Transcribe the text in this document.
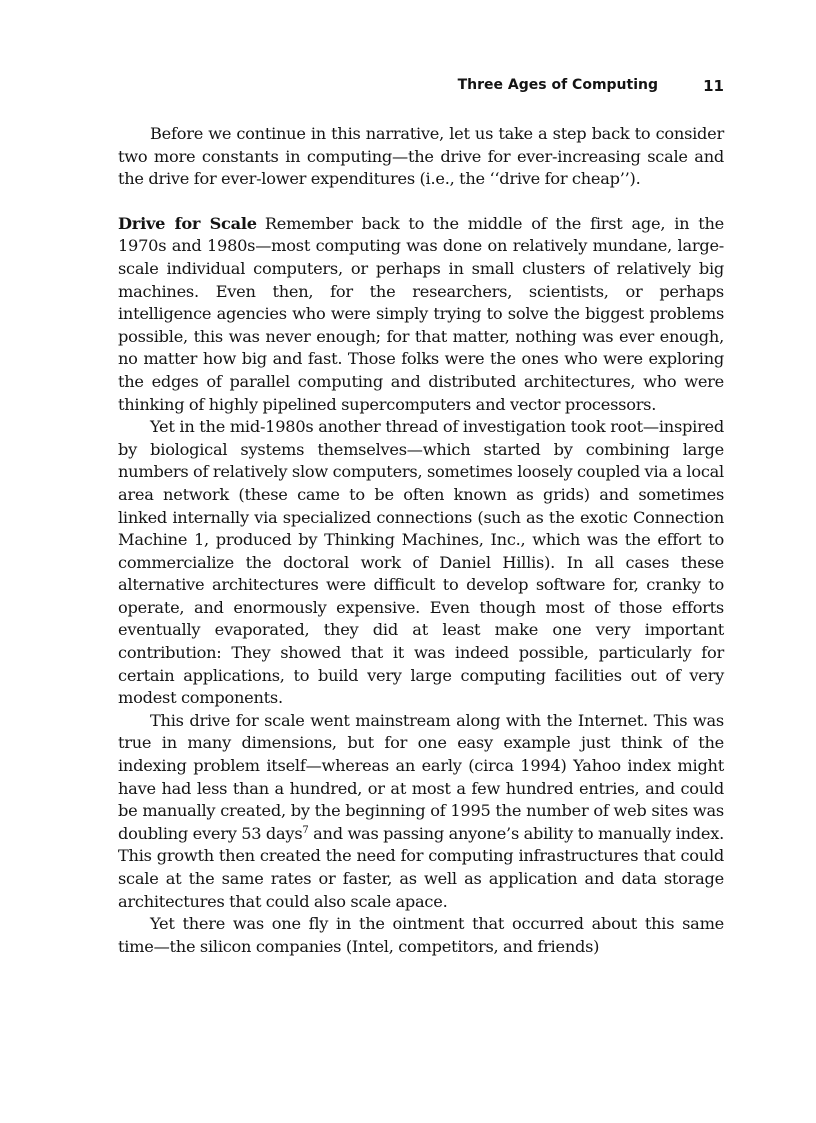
Three Ages of Computing	11

Before we continue in this narrative, let us take a step back to consider two more constants in computing—the drive for ever-increasing scale and the drive for ever-lower expenditures (i.e., the ‘‘drive for cheap’’).

Drive for Scale Remember back to the middle of the first age, in the 1970s and 1980s—most computing was done on relatively mundane, large-scale individual computers, or perhaps in small clusters of relatively big machines. Even then, for the researchers, scientists, or perhaps intelligence agencies who were simply trying to solve the biggest problems possible, this was never enough; for that matter, nothing was ever enough, no matter how big and fast. Those folks were the ones who were exploring the edges of parallel computing and distributed architectures, who were thinking of highly pipelined supercomputers and vector processors.

Yet in the mid-1980s another thread of investigation took root—inspired by biological systems themselves—which started by combining large numbers of relatively slow computers, sometimes loosely coupled via a local area network (these came to be often known as grids) and sometimes linked internally via specialized connections (such as the exotic Connection Machine 1, produced by Thinking Machines, Inc., which was the effort to commercialize the doctoral work of Daniel Hillis). In all cases these alternative architectures were difficult to develop software for, cranky to operate, and enormously expensive. Even though most of those efforts eventually evaporated, they did at least make one very important contribution: They showed that it was indeed possible, particularly for certain applications, to build very large computing facilities out of very modest components.

This drive for scale went mainstream along with the Internet. This was true in many dimensions, but for one easy example just think of the indexing problem itself—whereas an early (circa 1994) Yahoo index might have had less than a hundred, or at most a few hundred entries, and could be manually created, by the beginning of 1995 the number of web sites was doubling every 53 days$^7$ and was passing anyone’s ability to manually index. This growth then created the need for computing infrastructures that could scale at the same rates or faster, as well as application and data storage architectures that could also scale apace.

Yet there was one fly in the ointment that occurred about this same time—the silicon companies (Intel, competitors, and friends)
